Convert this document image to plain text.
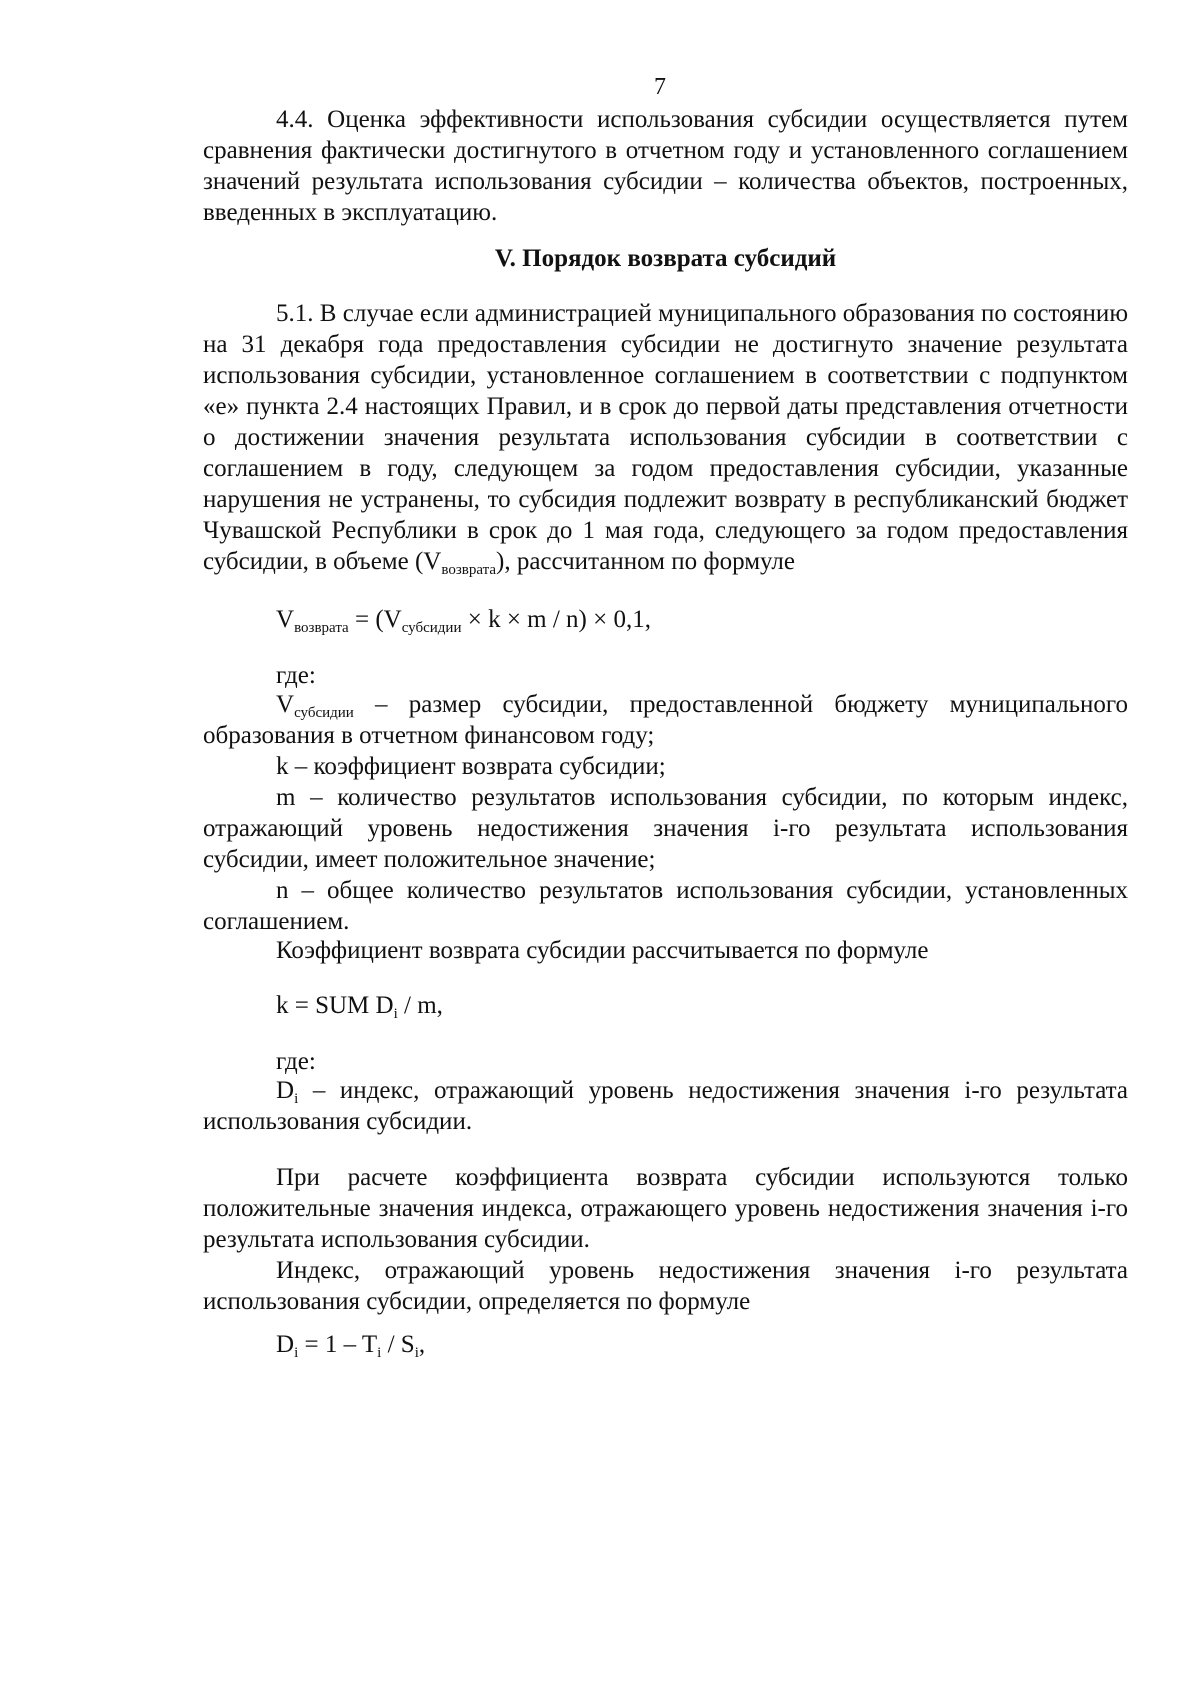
7

4.4. Оценка эффективности использования субсидии осуществляется путем сравнения фактически достигнутого в отчетном году и установленного соглашением значений результата использования субсидии – количества объектов, построенных, введенных в эксплуатацию.

V. Порядок возврата субсидий

5.1. В случае если администрацией муниципального образования по состоянию на 31 декабря года предоставления субсидии не достигнуто значение результата использования субсидии, установленное соглашением в соответствии с подпунктом «е» пункта 2.4 настоящих Правил, и в срок до первой даты представления отчетности о достижении значения результата использования субсидии в соответствии с соглашением в году, следующем за годом предоставления субсидии, указанные нарушения не устранены, то субсидия подлежит возврату в республиканский бюджет Чувашской Республики в срок до 1 мая года, следующего за годом предоставления субсидии, в объеме $(V_{возврата})$, рассчитанном по формуле

$V_{возврата} = (V_{субсидии} \times k \times m / n) \times 0,1$,

где:

$V_{субсидии}$ – размер субсидии, предоставленной бюджету муниципального образования в отчетном финансовом году;

k – коэффициент возврата субсидии;

m – количество результатов использования субсидии, по которым индекс, отражающий уровень недостижения значения i-го результата использования субсидии, имеет положительное значение;

n – общее количество результатов использования субсидии, установленных соглашением.

Коэффициент возврата субсидии рассчитывается по формуле

k = SUM $D_i$ / m,

где:

$D_i$ – индекс, отражающий уровень недостижения значения i-го результата использования субсидии.

При расчете коэффициента возврата субсидии используются только положительные значения индекса, отражающего уровень недостижения значения i-го результата использования субсидии.

Индекс, отражающий уровень недостижения значения i-го результата использования субсидии, определяется по формуле

$D_i = 1 - T_i / S_i$,
